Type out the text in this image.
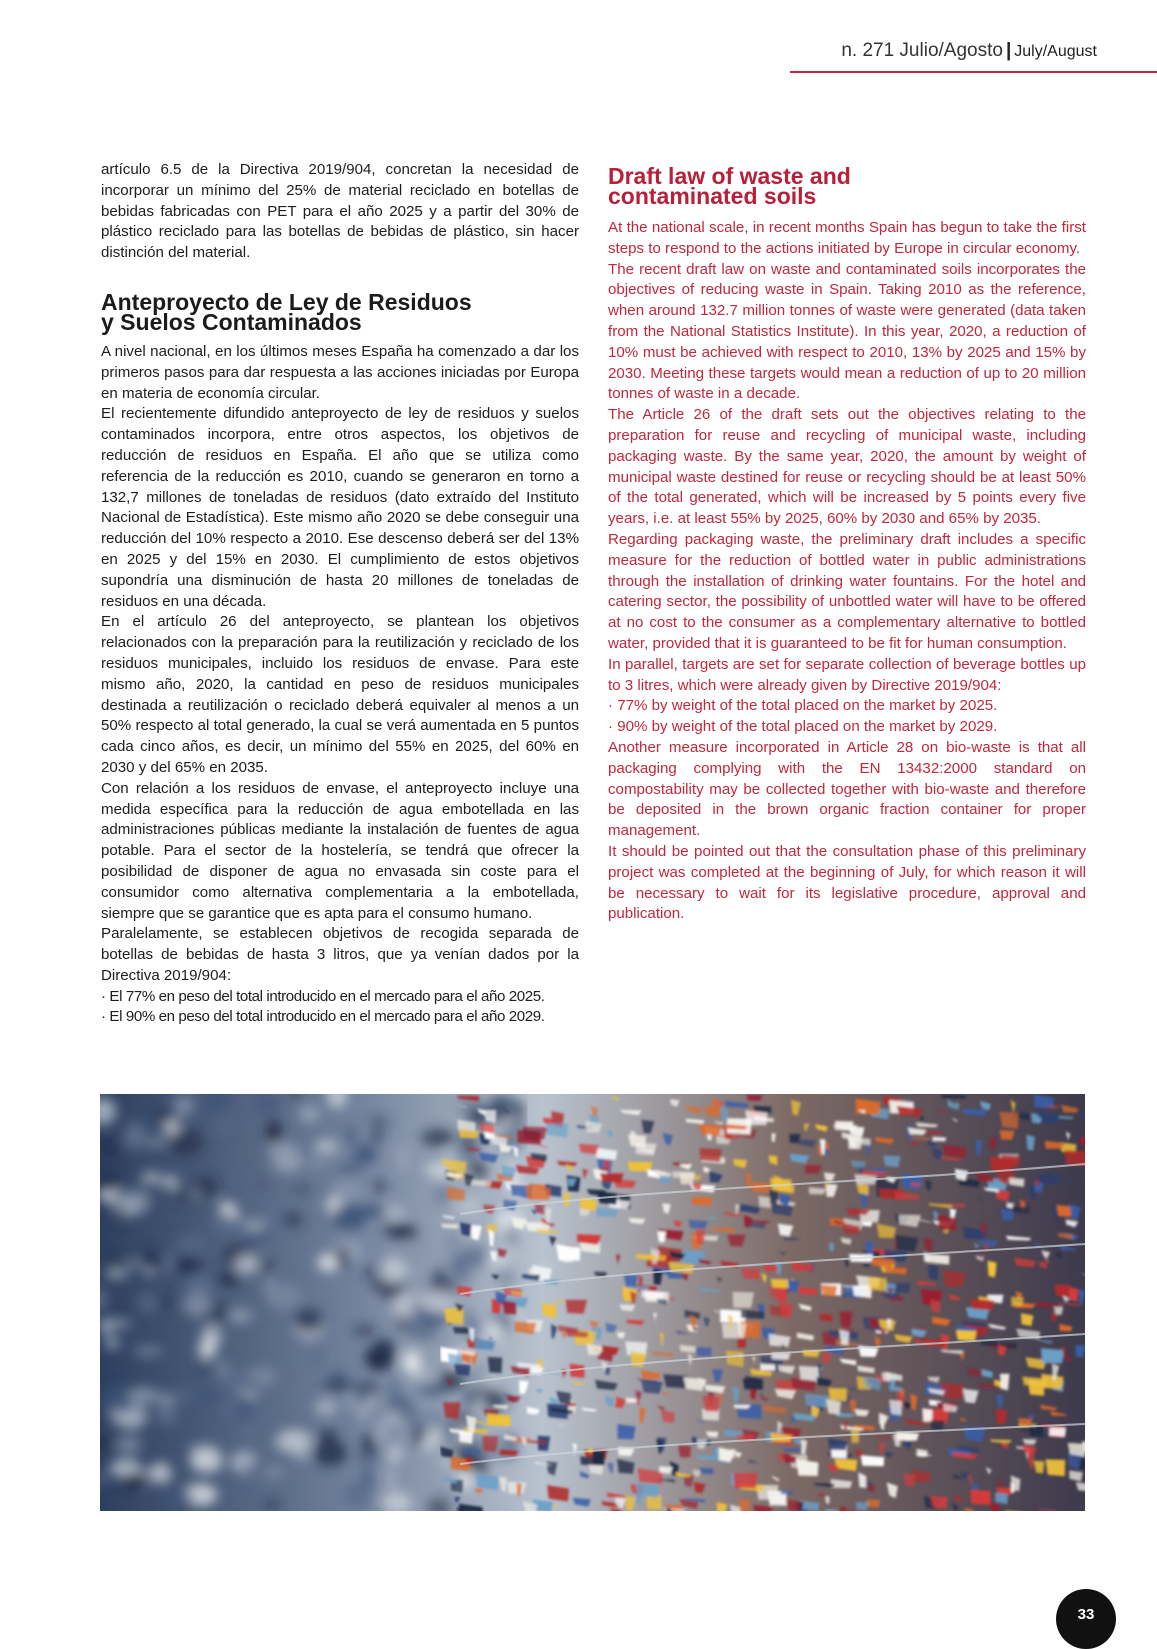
n. 271 Julio/Agosto | July/August

artículo 6.5 de la Directiva 2019/904, concretan la necesidad de incorporar un mínimo del 25% de material reciclado en botellas de bebidas fabricadas con PET para el año 2025 y a partir del 30% de plástico reciclado para las botellas de bebidas de plástico, sin hacer distinción del material.

Anteproyecto de Ley de Residuos
y Suelos Contaminados

A nivel nacional, en los últimos meses España ha comenzado a dar los primeros pasos para dar respuesta a las acciones iniciadas por Europa en materia de economía circular.

El recientemente difundido anteproyecto de ley de residuos y suelos contaminados incorpora, entre otros aspectos, los objetivos de reducción de residuos en España. El año que se utiliza como referencia de la reducción es 2010, cuando se generaron en torno a 132,7 millones de toneladas de residuos (dato extraído del Instituto Nacional de Estadística). Este mismo año 2020 se debe conseguir una reducción del 10% respecto a 2010. Ese descenso deberá ser del 13% en 2025 y del 15% en 2030. El cumplimiento de estos objetivos supondría una disminución de hasta 20 millones de toneladas de residuos en una década.

En el artículo 26 del anteproyecto, se plantean los objetivos relacionados con la preparación para la reutilización y reciclado de los residuos municipales, incluido los residuos de envase. Para este mismo año, 2020, la cantidad en peso de residuos municipales destinada a reutilización o reciclado deberá equivaler al menos a un 50% respecto al total generado, la cual se verá aumentada en 5 puntos cada cinco años, es decir, un mínimo del 55% en 2025, del 60% en 2030 y del 65% en 2035.

Con relación a los residuos de envase, el anteproyecto incluye una medida específica para la reducción de agua embotellada en las administraciones públicas mediante la instalación de fuentes de agua potable. Para el sector de la hostelería, se tendrá que ofrecer la posibilidad de disponer de agua no envasada sin coste para el consumidor como alternativa complementaria a la embotellada, siempre que se garantice que es apta para el consumo humano.

Paralelamente, se establecen objetivos de recogida separada de botellas de bebidas de hasta 3 litros, que ya venían dados por la Directiva 2019/904:

· El 77% en peso del total introducido en el mercado para el año 2025.

· El 90% en peso del total introducido en el mercado para el año 2029.

Draft law of waste and
contaminated soils

At the national scale, in recent months Spain has begun to take the first steps to respond to the actions initiated by Europe in circular economy.

The recent draft law on waste and contaminated soils incorporates the objectives of reducing waste in Spain. Taking 2010 as the reference, when around 132.7 million tonnes of waste were generated (data taken from the National Statistics Institute). In this year, 2020, a reduction of 10% must be achieved with respect to 2010, 13% by 2025 and 15% by 2030. Meeting these targets would mean a reduction of up to 20 million tonnes of waste in a decade.

The Article 26 of the draft sets out the objectives relating to the preparation for reuse and recycling of municipal waste, including packaging waste. By the same year, 2020, the amount by weight of municipal waste destined for reuse or recycling should be at least 50% of the total generated, which will be increased by 5 points every five years, i.e. at least 55% by 2025, 60% by 2030 and 65% by 2035.

Regarding packaging waste, the preliminary draft includes a specific measure for the reduction of bottled water in public administrations through the installation of drinking water fountains. For the hotel and catering sector, the possibility of unbottled water will have to be offered at no cost to the consumer as a complementary alternative to bottled water, provided that it is guaranteed to be fit for human consumption.

In parallel, targets are set for separate collection of beverage bottles up to 3 litres, which were already given by Directive 2019/904:

· 77% by weight of the total placed on the market by 2025.

· 90% by weight of the total placed on the market by 2029.

Another measure incorporated in Article 28 on bio-waste is that all packaging complying with the EN 13432:2000 standard on compostability may be collected together with bio-waste and therefore be deposited in the brown organic fraction container for proper management.

It should be pointed out that the consultation phase of this preliminary project was completed at the beginning of July, for which reason it will be necessary to wait for its legislative procedure, approval and publication.

33
